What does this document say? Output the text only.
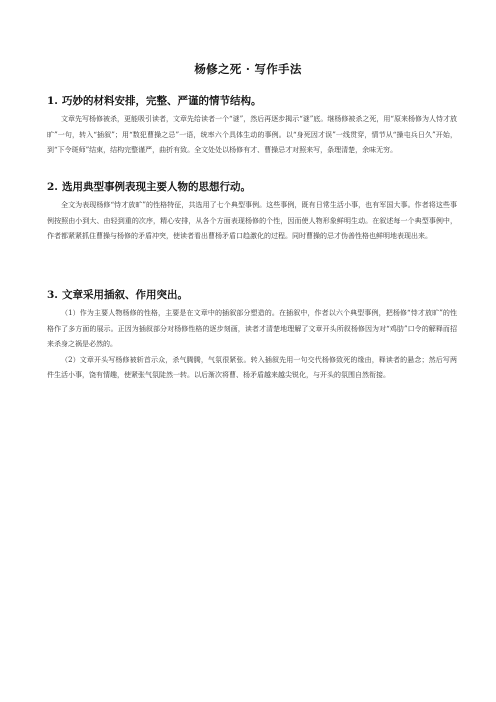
杨修之死 · 写作手法
1. 巧妙的材料安排，完整、严谨的情节结构。

文章先写杨修被杀，更能吸引读者，文章先给读者一个“谜”，然后再逐步揭示“谜”底。继杨修被杀之死，用“原来杨修为人恃才放旷”一句，转入“插叙”；用“数犯曹操之忌”一语，统率六个具体生动的事例。以“身死因才误”一线贯穿，情节从“操屯兵日久”开始，到“下令斑师”结束，结构完整谨严，曲折有致。全文处处以杨修有才、曹操忌才对照来写，条理清楚，余味无穷。

2. 选用典型事例表现主要人物的思想行动。

全文为表现杨修“恃才放旷”的性格特征，共选用了七个典型事例。这些事例，既有日常生活小事，也有军国大事。作者将这些事例按照由小到大、由轻到重的次序，精心安排，从各个方面表现杨修的个性，因而使人物形象鲜明生动。在叙述每一个典型事例中，作者都紧紧抓住曹操与杨修的矛盾冲突，使读者看出曹杨矛盾口趋激化的过程。同时曹操的忌才伪善性格也鲜明地表现出来。

3. 文章采用插叙、作用突出。

（1）作为主要人物杨修的性格，主要是在文章中的插叙部分塑造的。在插叙中，作者以六个典型事例，把杨修“恃才放旷”的性格作了多方面的展示。正因为插叙部分对杨修性格的逐步刻画，读者才清楚地理解了文章开头所叙杨修因为对“鸡肋”口令的解释而招来杀身之祸是必然的。

（2）文章开头写杨修被斩首示众，杀气腾腾，气氛很紧张。转入插叙先用一句交代杨修致死的缘由，释读者的悬念；然后写两件生活小事，饶有情趣，使紧张气氛陡然一转。以后渐次将曹、杨矛盾越来越尖锐化，与开头的氛围自然衔接。
